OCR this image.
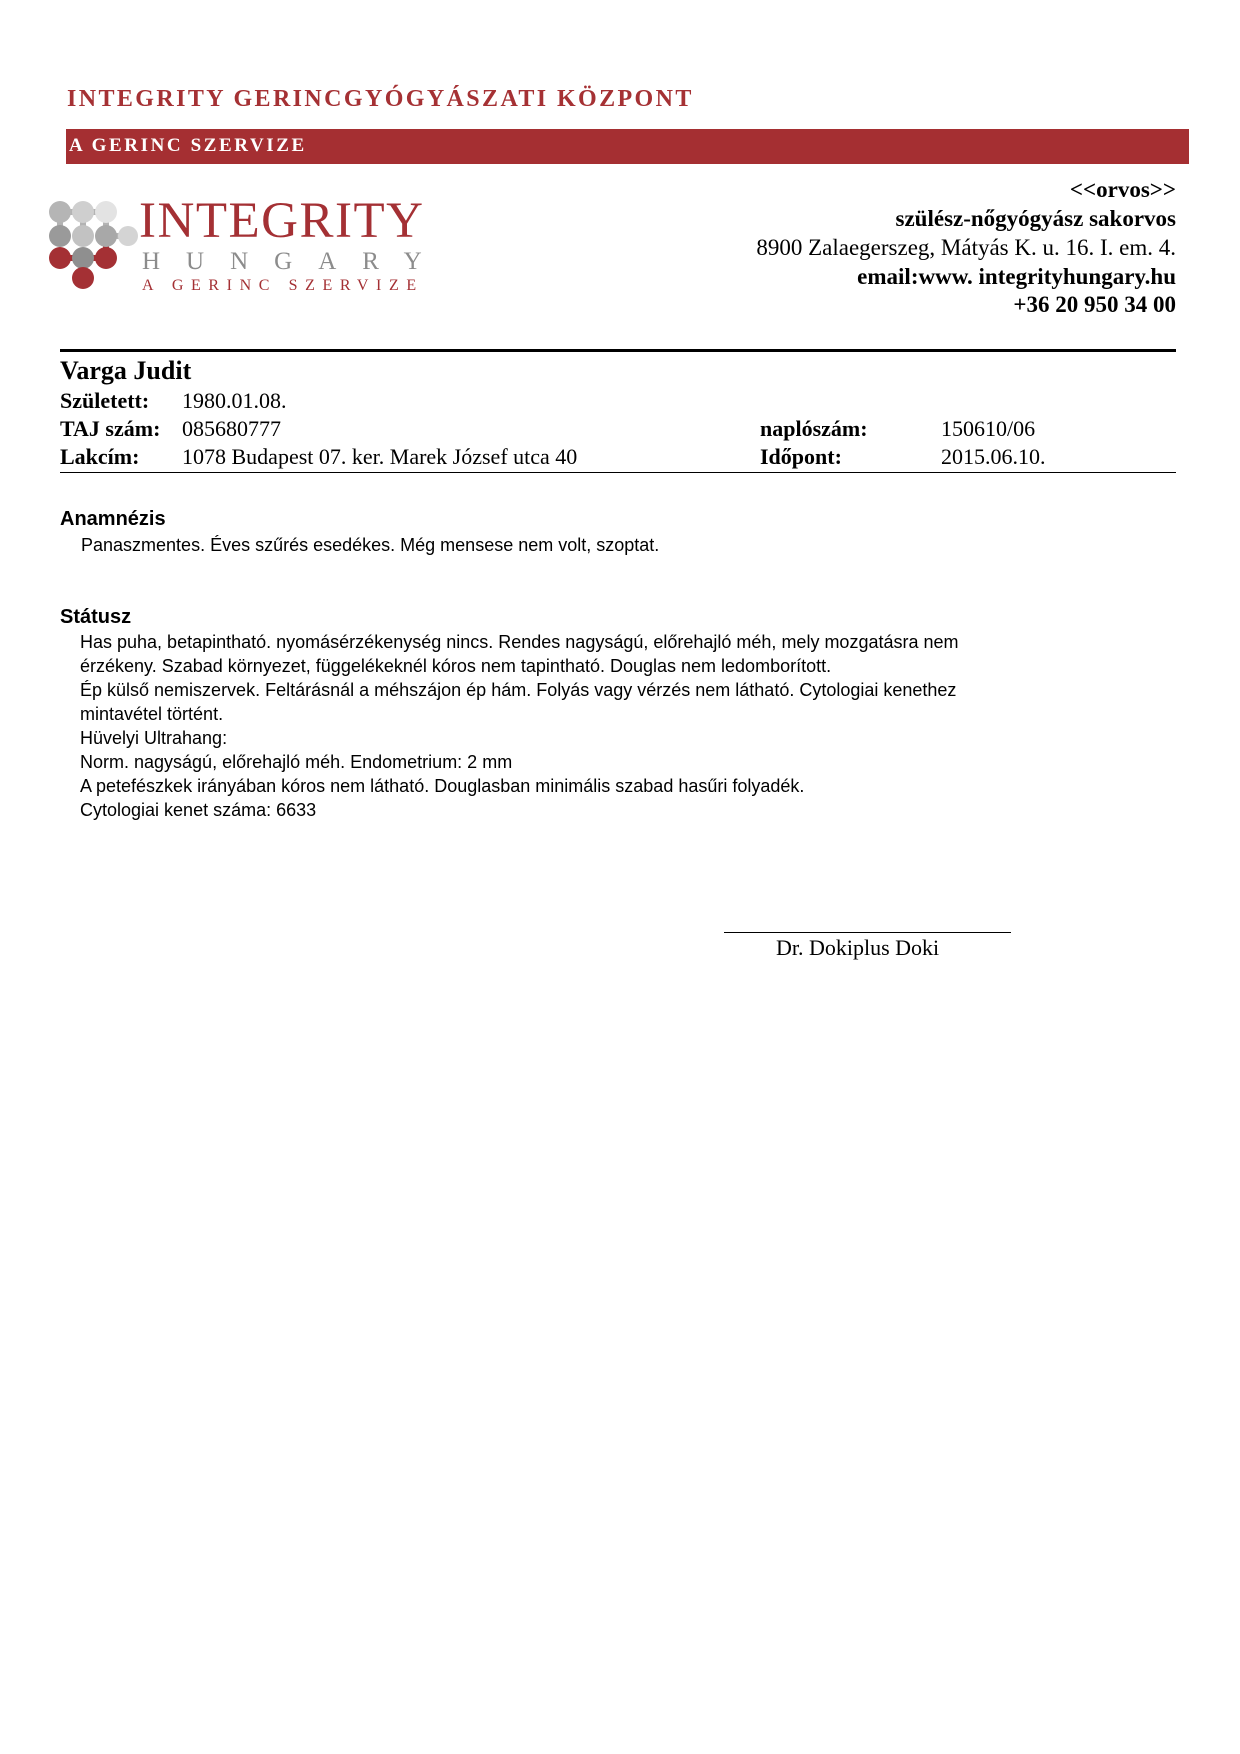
INTEGRITY GERINCGYÓGYÁSZATI KÖZPONT
A GERINC SZERVIZE
INTEGRITY
HUNGARY
A GERINC SZERVIZE
<<orvos>>
szülész-nőgyógyász sakorvos
8900 Zalaegerszeg, Mátyás K. u. 16. I. em. 4.
email:www. integrityhungary.hu
+36 20 950 34 00
Varga Judit
Született: 1980.01.08.
TAJ szám: 085680777
Lakcím: 1078 Budapest 07. ker. Marek József utca 40
naplószám:	150610/06
Időpont:	2015.06.10.
Anamnézis
Panaszmentes. Éves szűrés esedékes. Még mensese nem volt, szoptat.
Státusz
Has puha, betapintható. nyomásérzékenység nincs. Rendes nagyságú, előrehajló méh, mely mozgatásra nem
érzékeny. Szabad környezet, függelékeknél kóros nem tapintható. Douglas nem ledomborított.
Ép külső nemiszervek. Feltárásnál a méhszájon ép hám. Folyás vagy vérzés nem látható. Cytologiai kenethez
mintavétel történt.
Hüvelyi Ultrahang:
Norm. nagyságú, előrehajló méh. Endometrium: 2 mm
A petefészkek irányában kóros nem látható. Douglasban minimális szabad hasűri folyadék.
Cytologiai kenet száma: 6633
Dr. Dokiplus Doki
